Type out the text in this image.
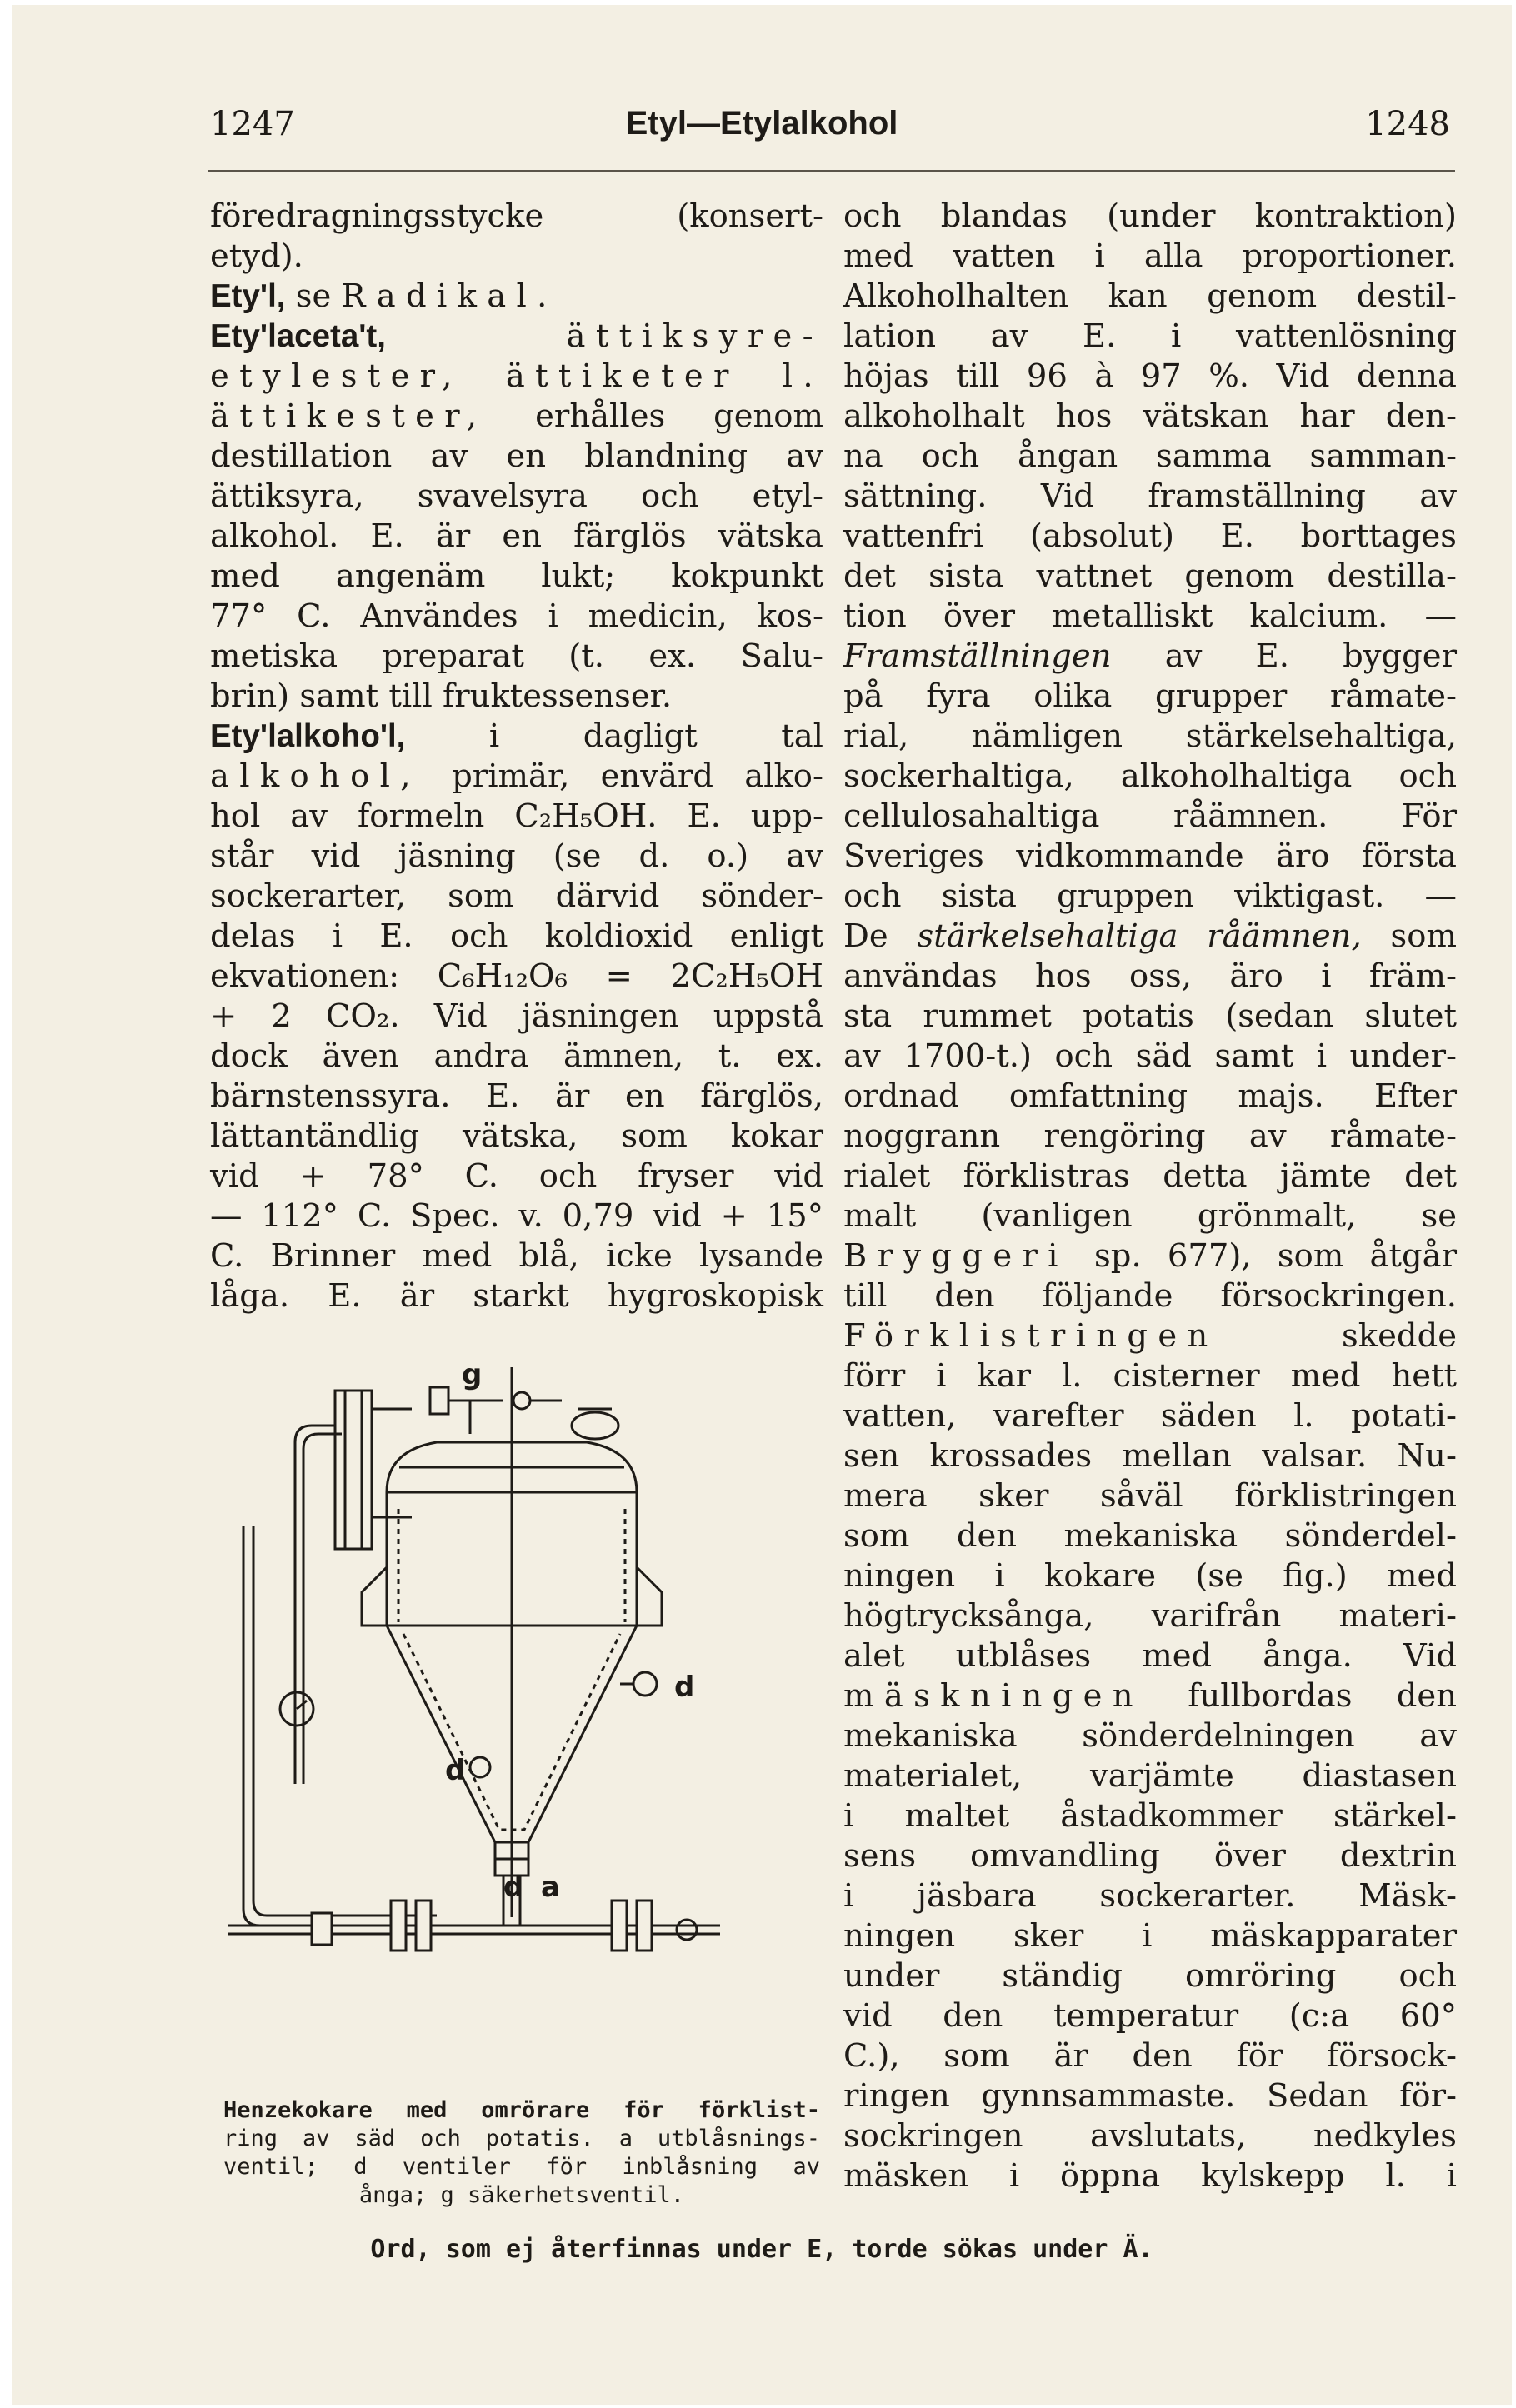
1247	Etyl—Etylalkohol	1248
föredragningsstycke	(konsert-
etyd).
Ety'l, se Radikal.
Ety'laceta't,	ättiksyre-
etylester, ättiketer l.
ättikester, erhålles genom
destillation av en blandning av
ättiksyra, svavelsyra och etyl-
alkohol. E. är en färglös vätska
med angenäm lukt; kokpunkt
77° C. Användes i medicin, kos-
metiska preparat (t. ex. Salu-
brin) samt till fruktessenser.
Ety'lalkoho'l,	i dagligt tal
alkohol, primär, envärd alko-
hol av formeln C₂H₅OH. E. upp-
står vid jäsning (se d. o.) av
sockerarter, som därvid sönder-
delas i E. och koldioxid enligt
ekvationen: C₆H₁₂O₆ = 2C₂H₅OH
+ 2 CO₂. Vid jäsningen uppstå
dock även andra ämnen, t. ex.
bärnstenssyra. E. är en färglös,
lättantändlig vätska, som kokar
vid + 78° C. och fryser vid
— 112° C. Spec. v. 0,79 vid + 15°
C. Brinner med blå, icke lysande
låga. E. är starkt hygroskopisk
g
d
d
d a
Henzekokare med omrörare för förklist-
ring av säd och potatis. a utblåsnings-
ventil; d ventiler för inblåsning av
ånga; g säkerhetsventil.
och blandas (under kontraktion)
med vatten i alla proportioner.
Alkoholhalten kan genom destil-
lation av E. i vattenlösning
höjas till 96 à 97 %. Vid denna
alkoholhalt hos vätskan har den-
na och ångan samma samman-
sättning. Vid framställning av
vattenfri (absolut) E. borttages
det sista vattnet genom destilla-
tion över metalliskt kalcium. —
Framställningen av E. bygger
på fyra olika grupper råmate-
rial, nämligen stärkelsehaltiga,
sockerhaltiga, alkoholhaltiga och
cellulosahaltiga råämnen. För
Sveriges vidkommande äro första
och sista gruppen viktigast. —
De stärkelsehaltiga råämnen, som
användas hos oss, äro i främ-
sta rummet potatis (sedan slutet
av 1700-t.) och säd samt i under-
ordnad omfattning majs. Efter
noggrann rengöring av råmate-
rialet förklistras detta jämte det
malt (vanligen grönmalt, se
Bryggeri sp. 677), som åtgår
till den följande försockringen.
Förklistringen	skedde
förr i kar l. cisterner med hett
vatten, varefter säden l. potati-
sen krossades mellan valsar. Nu-
mera sker såväl förklistringen
som den mekaniska sönderdel-
ningen i kokare (se fig.) med
högtrycksånga, varifrån materi-
alet utblåses med ånga. Vid
mäskningen fullbordas den
mekaniska sönderdelningen av
materialet, varjämte diastasen
i maltet åstadkommer stärkel-
sens omvandling över dextrin
i jäsbara sockerarter. Mäsk-
ningen sker i mäskapparater
under ständig omröring och
vid den temperatur (c:a 60°
C.), som är den för försock-
ringen gynnsammaste. Sedan för-
sockringen avslutats, nedkyles
mäsken i öppna kylskepp l. i
Ord, som ej återfinnas under E, torde sökas under Ä.
